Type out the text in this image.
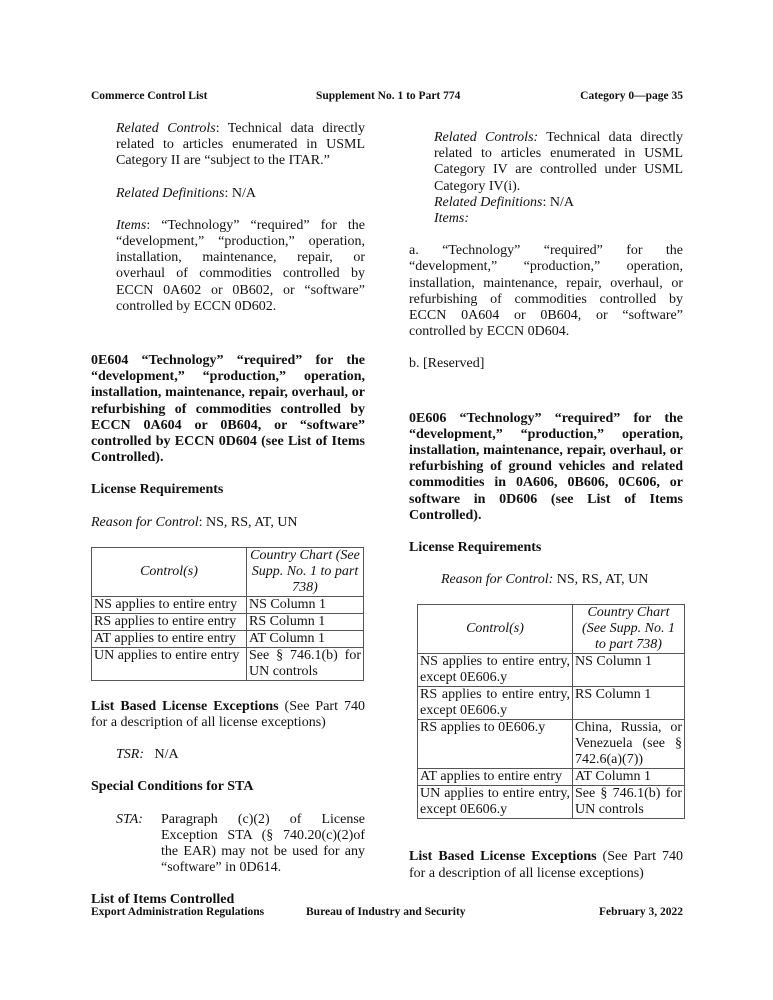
Commerce Control List	Supplement No. 1 to Part 774	Category 0—page 35

Related Controls: Technical data directly related to articles enumerated in USML Category II are “subject to the ITAR.”

Related Definitions: N/A

Items: “Technology” “required” for the “development,” “production,” operation, installation, maintenance, repair, or overhaul of commodities controlled by ECCN 0A602 or 0B602, or “software” controlled by ECCN 0D602.

0E604 “Technology” “required” for the “development,” “production,” operation, installation, maintenance, repair, overhaul, or refurbishing of commodities controlled by ECCN 0A604 or 0B604, or “software” controlled by ECCN 0D604 (see List of Items Controlled).

License Requirements

Reason for Control: NS, RS, AT, UN

Control(s)	Country Chart (See Supp. No. 1 to part 738)
NS applies to entire entry	NS Column 1
RS applies to entire entry	RS Column 1
AT applies to entire entry	AT Column 1
UN applies to entire entry	See § 746.1(b) for UN controls

List Based License Exceptions (See Part 740 for a description of all license exceptions)

TSR: N/A

Special Conditions for STA

STA:	Paragraph (c)(2) of License Exception STA (§ 740.20(c)(2)of the EAR) may not be used for any “software” in 0D614.

List of Items Controlled

Related Controls: Technical data directly related to articles enumerated in USML Category IV are controlled under USML Category IV(i).

Related Definitions: N/A

Items:

a. “Technology” “required” for the “development,” “production,” operation, installation, maintenance, repair, overhaul, or refurbishing of commodities controlled by ECCN 0A604 or 0B604, or “software” controlled by ECCN 0D604.

b. [Reserved]

0E606 “Technology” “required” for the “development,” “production,” operation, installation, maintenance, repair, overhaul, or refurbishing of ground vehicles and related commodities in 0A606, 0B606, 0C606, or software in 0D606 (see List of Items Controlled).

License Requirements

Reason for Control: NS, RS, AT, UN

Control(s)	Country Chart (See Supp. No. 1 to part 738)
NS applies to entire entry, except 0E606.y	NS Column 1
RS applies to entire entry, except 0E606.y	RS Column 1
RS applies to 0E606.y	China, Russia, or Venezuela (see § 742.6(a)(7))
AT applies to entire entry	AT Column 1
UN applies to entire entry, except 0E606.y	See § 746.1(b) for UN controls

List Based License Exceptions (See Part 740 for a description of all license exceptions)

Export Administration Regulations	Bureau of Industry and Security	February 3, 2022
